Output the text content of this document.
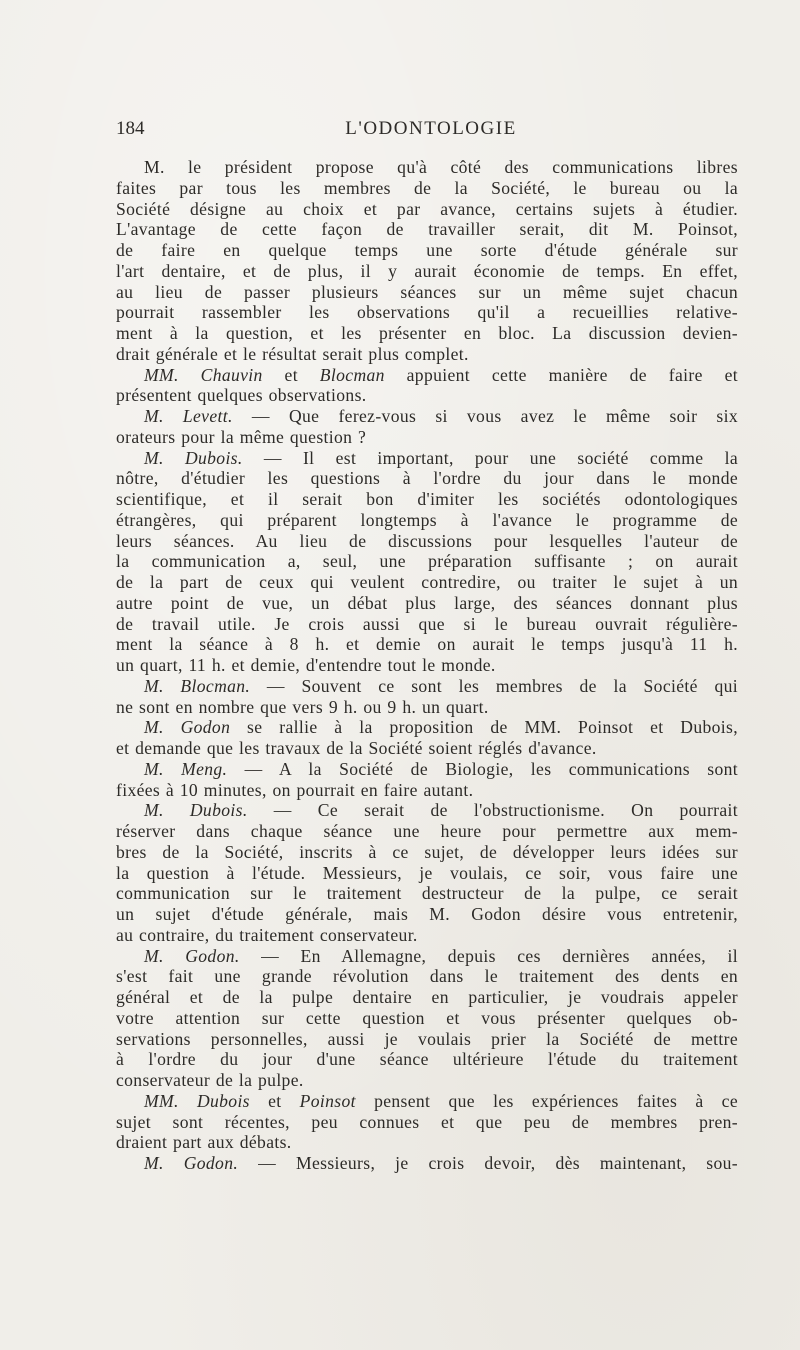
184	L'ODONTOLOGIE
M. le président propose qu'à côté des communications libres
faites par tous les membres de la Société, le bureau ou la
Société désigne au choix et par avance, certains sujets à étudier.
L'avantage de cette façon de travailler serait, dit M. Poinsot,
de faire en quelque temps une sorte d'étude générale sur
l'art dentaire, et de plus, il y aurait économie de temps. En effet,
au lieu de passer plusieurs séances sur un même sujet chacun
pourrait rassembler les observations qu'il a recueillies relative-
ment à la question, et les présenter en bloc. La discussion devien-
drait générale et le résultat serait plus complet.
MM. Chauvin et Blocman appuient cette manière de faire et
présentent quelques observations.
M. Levett. — Que ferez-vous si vous avez le même soir six
orateurs pour la même question ?
M. Dubois. — Il est important, pour une société comme la
nôtre, d'étudier les questions à l'ordre du jour dans le monde
scientifique, et il serait bon d'imiter les sociétés odontologiques
étrangères, qui préparent longtemps à l'avance le programme de
leurs séances. Au lieu de discussions pour lesquelles l'auteur de
la communication a, seul, une préparation suffisante ; on aurait
de la part de ceux qui veulent contredire, ou traiter le sujet à un
autre point de vue, un débat plus large, des séances donnant plus
de travail utile. Je crois aussi que si le bureau ouvrait régulière-
ment la séance à 8 h. et demie on aurait le temps jusqu'à 11 h.
un quart, 11 h. et demie, d'entendre tout le monde.
M. Blocman. — Souvent ce sont les membres de la Société qui
ne sont en nombre que vers 9 h. ou 9 h. un quart.
M. Godon se rallie à la proposition de MM. Poinsot et Dubois,
et demande que les travaux de la Société soient réglés d'avance.
M. Meng. — A la Société de Biologie, les communications sont
fixées à 10 minutes, on pourrait en faire autant.
M. Dubois. — Ce serait de l'obstructionisme. On pourrait
réserver dans chaque séance une heure pour permettre aux mem-
bres de la Société, inscrits à ce sujet, de développer leurs idées sur
la question à l'étude. Messieurs, je voulais, ce soir, vous faire une
communication sur le traitement destructeur de la pulpe, ce serait
un sujet d'étude générale, mais M. Godon désire vous entretenir,
au contraire, du traitement conservateur.
M. Godon. — En Allemagne, depuis ces dernières années, il
s'est fait une grande révolution dans le traitement des dents en
général et de la pulpe dentaire en particulier, je voudrais appeler
votre attention sur cette question et vous présenter quelques ob-
servations personnelles, aussi je voulais prier la Société de mettre
à l'ordre du jour d'une séance ultérieure l'étude du traitement
conservateur de la pulpe.
MM. Dubois et Poinsot pensent que les expériences faites à ce
sujet sont récentes, peu connues et que peu de membres pren-
draient part aux débats.
M. Godon. — Messieurs, je crois devoir, dès maintenant, sou-
